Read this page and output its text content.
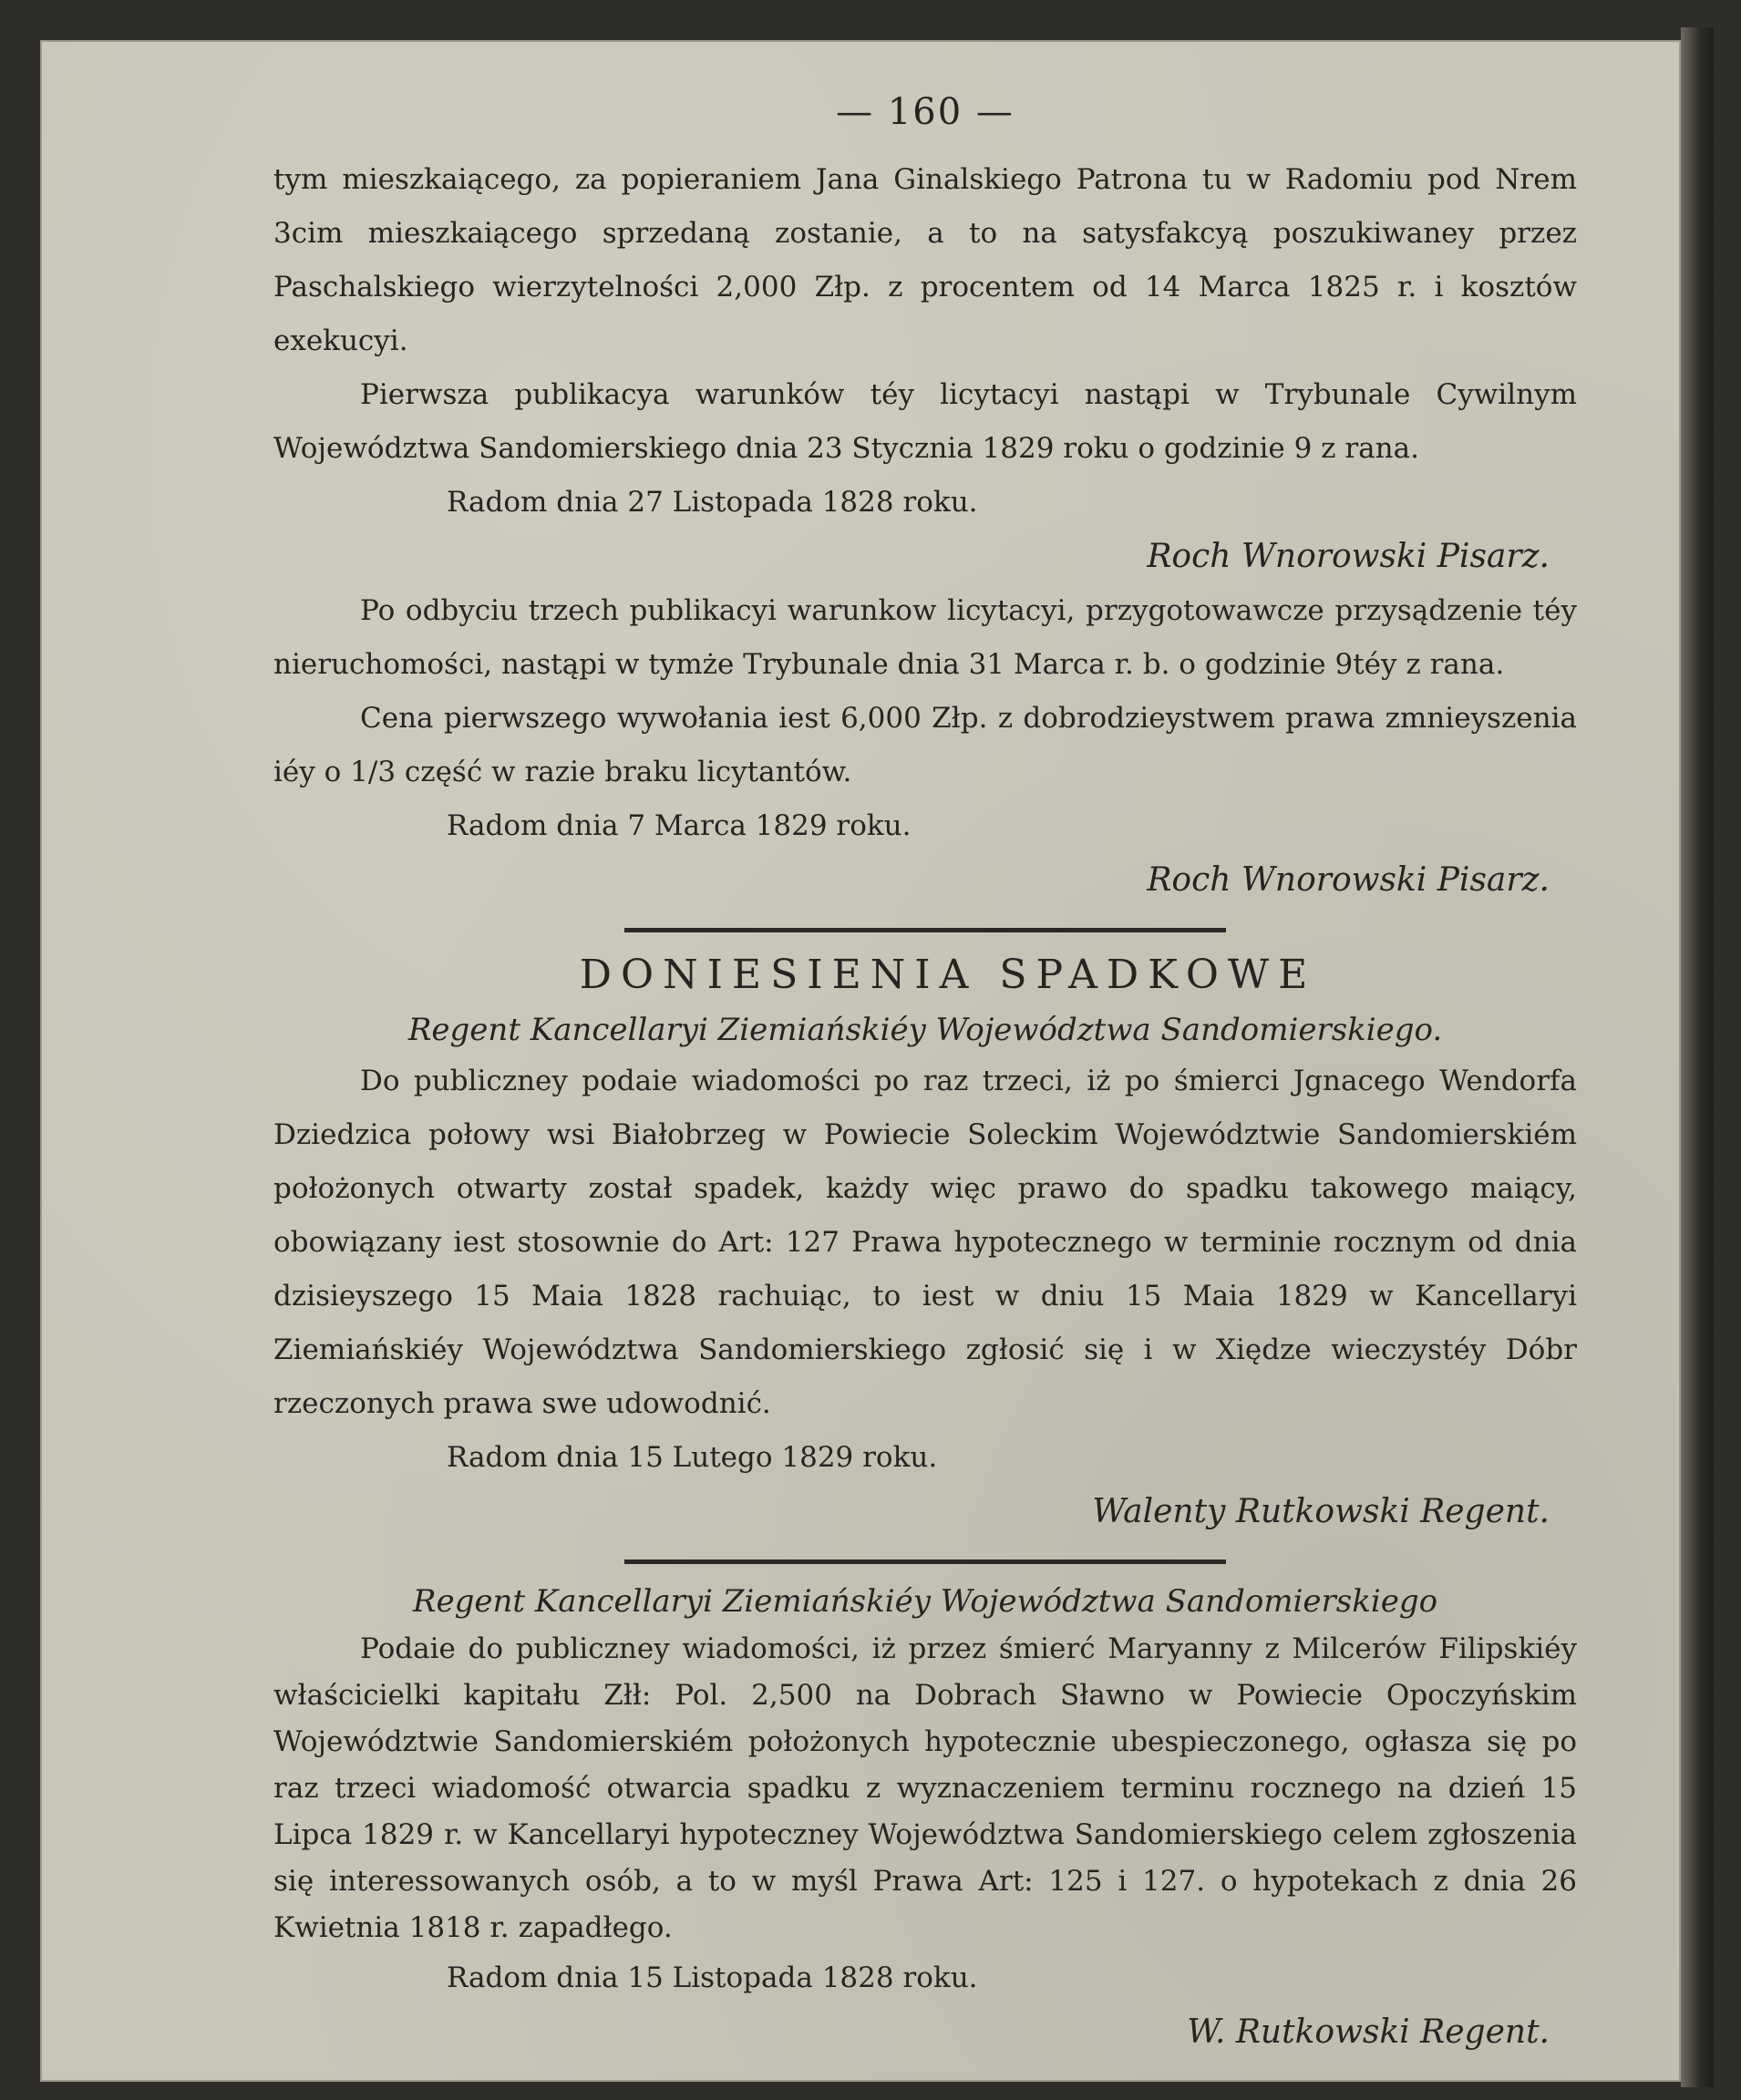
— 160 —

tym mieszkaiącego, za popieraniem Jana Ginalskiego Patrona tu w Radomiu pod Nrem 3cim mieszkaiącego sprzedaną zostanie, a to na satysfakcyą poszukiwaney przez Paschalskiego wierzytelności 2,000 Złp. z procentem od 14 Marca 1825 r. i kosztów exekucyi.

Pierwsza publikacya warunków téy licytacyi nastąpi w Trybunale Cywilnym Województwa Sandomierskiego dnia 23 Stycznia 1829 roku o godzinie 9 z rana.

Radom dnia 27 Listopada 1828 roku.
Roch Wnorowski Pisarz.

Po odbyciu trzech publikacyi warunkow licytacyi, przygotowawcze przysądzenie téy nieruchomości, nastąpi w tymże Trybunale dnia 31 Marca r. b. o godzinie 9téy z rana.

Cena pierwszego wywołania iest 6,000 Złp. z dobrodzieystwem prawa zmnieyszenia iéy o 1/3 część w razie braku licytantów.

Radom dnia 7 Marca 1829 roku.
Roch Wnorowski Pisarz.
DONIESIENIA SPADKOWE
Regent Kancellaryi Ziemiańskiéy Województwa Sandomierskiego.

Do publiczney podaie wiadomości po raz trzeci, iż po śmierci Jgnacego Wendorfa Dziedzica połowy wsi Białobrzeg w Powiecie Soleckim Województwie Sandomierskiém położonych otwarty został spadek, każdy więc prawo do spadku takowego maiący, obowiązany iest stosownie do Art: 127 Prawa hypotecznego w terminie rocznym od dnia dzisieyszego 15 Maia 1828 rachuiąc, to iest w dniu 15 Maia 1829 w Kancellaryi Ziemiańskiéy Województwa Sandomierskiego zgłosić się i w Xiędze wieczystéy Dóbr rzeczonych prawa swe udowodnić.

Radom dnia 15 Lutego 1829 roku.
Walenty Rutkowski Regent.
Regent Kancellaryi Ziemiańskiéy Województwa Sandomierskiego

Podaie do publiczney wiadomości, iż przez śmierć Maryanny z Milcerów Filipskiéy właścicielki kapitału Złł: Pol. 2,500 na Dobrach Sławno w Powiecie Opoczyńskim Województwie Sandomierskiém położonych hypotecznie ubespieczonego, ogłasza się po raz trzeci wiadomość otwarcia spadku z wyznaczeniem terminu rocznego na dzień 15 Lipca 1829 r. w Kancellaryi hypoteczney Województwa Sandomierskiego celem zgłoszenia się interessowanych osób, a to w myśl Prawa Art: 125 i 127. o hypotekach z dnia 26 Kwietnia 1818 r. zapadłego.

Radom dnia 15 Listopada 1828 roku.
W. Rutkowski Regent.
